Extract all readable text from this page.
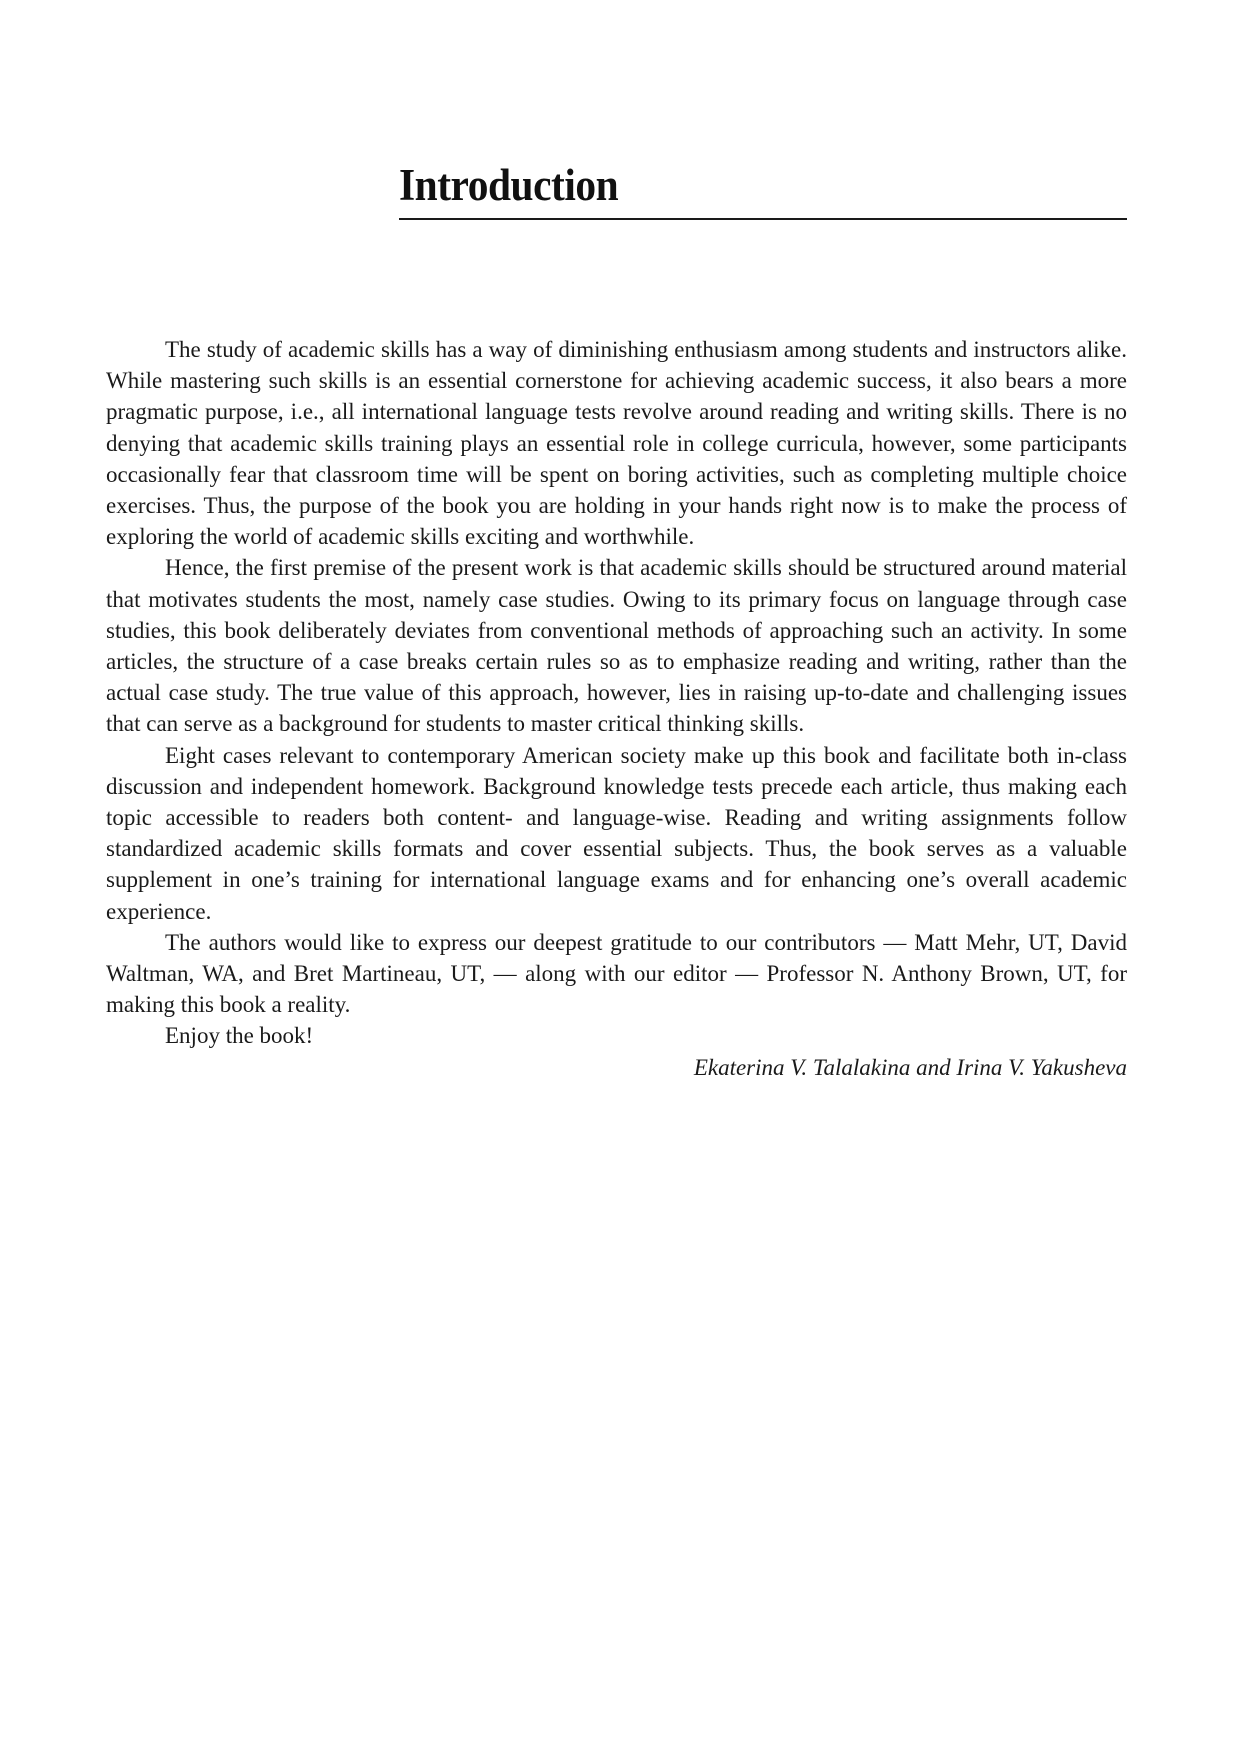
Introduction

The study of academic skills has a way of diminishing enthusiasm among students and instructors alike. While mastering such skills is an essential cornerstone for achieving academic success, it also bears a more pragmatic purpose, i.e., all international language tests revolve around reading and writing skills. There is no denying that academic skills training plays an essential role in college curricula, however, some participants occasionally fear that classroom time will be spent on boring activities, such as completing multiple choice exercises. Thus, the purpose of the book you are holding in your hands right now is to make the process of exploring the world of academic skills exciting and worthwhile.

Hence, the first premise of the present work is that academic skills should be structured around material that motivates students the most, namely case studies. Owing to its primary focus on language through case studies, this book deliberately deviates from conventional methods of approaching such an activity. In some articles, the structure of a case breaks certain rules so as to emphasize reading and writing, rather than the actual case study. The true value of this approach, however, lies in raising up-to-date and challenging issues that can serve as a background for students to master critical thinking skills.

Eight cases relevant to contemporary American society make up this book and facilitate both in-class discussion and independent homework. Background knowledge tests precede each article, thus making each topic accessible to readers both content- and language-wise. Reading and writing assignments follow standardized academic skills formats and cover essential subjects. Thus, the book serves as a valuable supplement in one’s training for international language exams and for enhancing one’s overall academic experience.

The authors would like to express our deepest gratitude to our contributors — Matt Mehr, UT, David Waltman, WA, and Bret Martineau, UT, — along with our editor — Professor N. Anthony Brown, UT, for making this book a reality.

Enjoy the book!

Ekaterina V. Talalakina and Irina V. Yakusheva
